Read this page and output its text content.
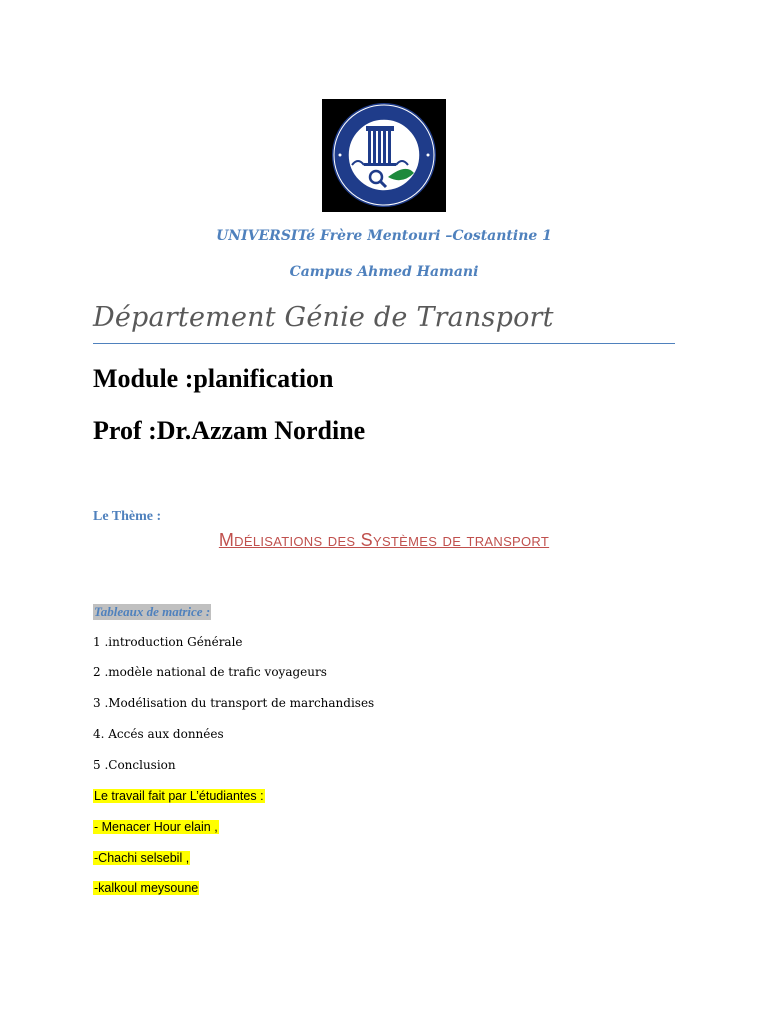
UNIVERSITé Frère Mentouri –Costantine 1
Campus Ahmed Hamani
Département Génie de Transport
Module :planification
Prof :Dr.Azzam Nordine
Le Thème :
Mdélisations des Systèmes de transport
Tableaux de matrice :
1 .introduction Générale
2 .modèle national de trafic voyageurs
3 .Modélisation du transport de marchandises
4. Accés aux données
5 .Conclusion
Le travail fait par L’étudiantes :
- Menacer Hour elain ,
-Chachi selsebil ,
-kalkoul meysoune
